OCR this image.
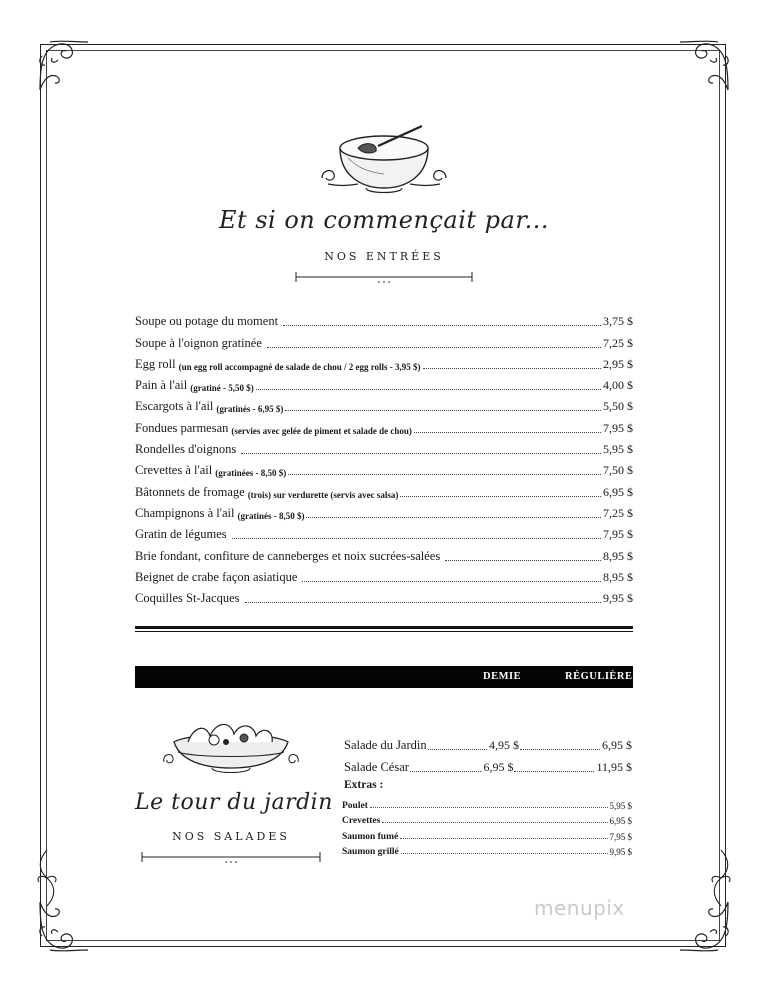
Et si on commençait par...
NOS ENTRÉES
Soupe ou potage du moment	3,75 $
Soupe à l'oignon gratinée	7,25 $
Egg roll (un egg roll accompagné de salade de chou / 2 egg rolls - 3,95 $)	2,95 $
Pain à l'ail (gratiné - 5,50 $)	4,00 $
Escargots à l'ail (gratinés - 6,95 $)	5,50 $
Fondues parmesan (servies avec gelée de piment et salade de chou)	7,95 $
Rondelles d'oignons	5,95 $
Crevettes à l'ail (gratinées - 8,50 $)	7,50 $
Bâtonnets de fromage (trois) sur verdurette (servis avec salsa)	6,95 $
Champignons à l'ail (gratinés - 8,50 $)	7,25 $
Gratin de légumes	7,95 $
Brie fondant, confiture de canneberges et noix sucrées-salées	8,95 $
Beignet de crabe façon asiatique	8,95 $
Coquilles St-Jacques	9,95 $
DEMIE	RÉGULIÈRE
Le tour du jardin
NOS SALADES
Salade du Jardin	4,95 $	6,95 $
Salade César	6,95 $	11,95 $
Extras :
Poulet	5,95 $
Crevettes	6,95 $
Saumon fumé	7,95 $
Saumon grillé	9,95 $
menupix
